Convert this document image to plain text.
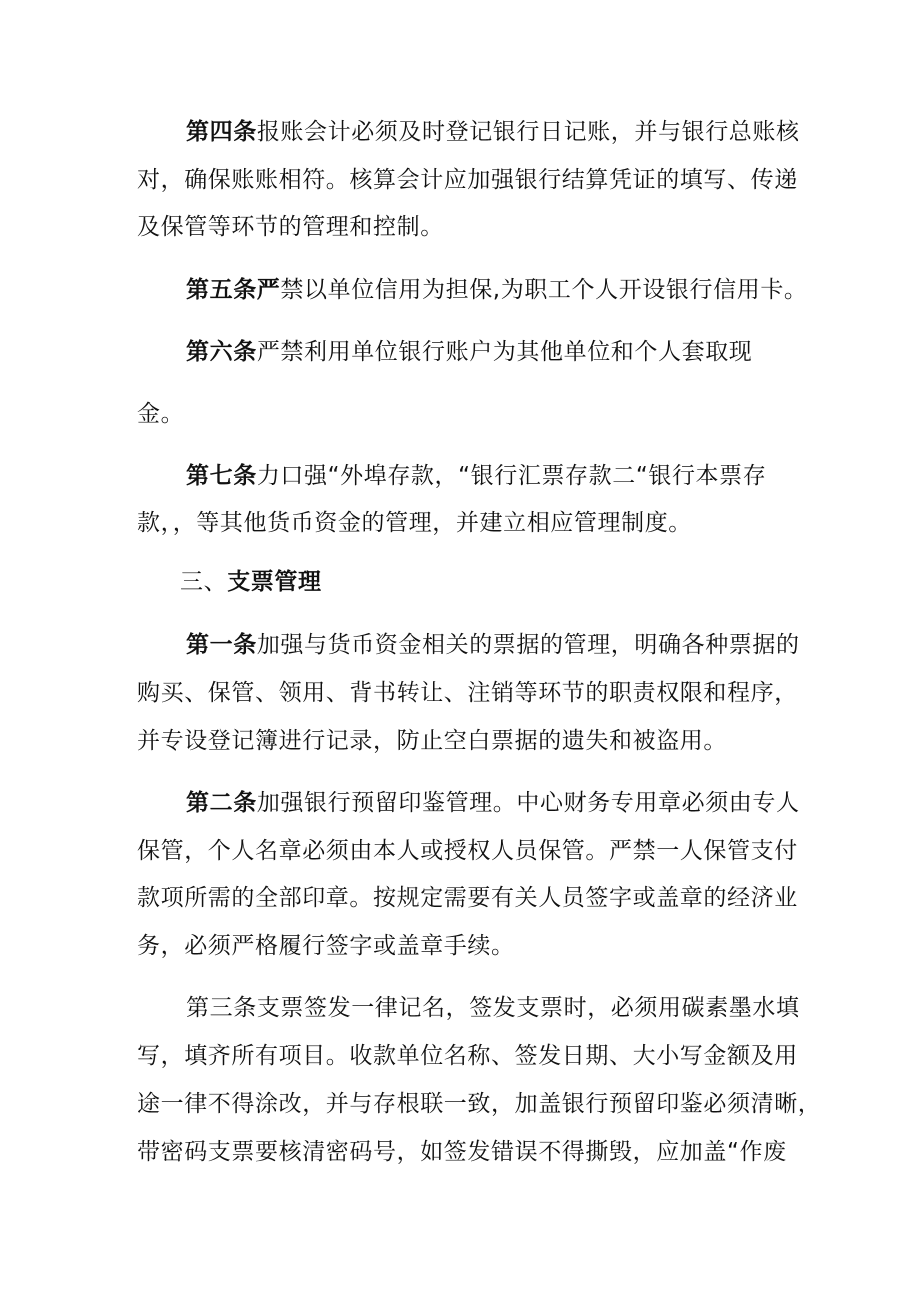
第四条报账会计必须及时登记银行日记账，并与银行总账核
对，确保账账相符。核算会计应加强银行结算凭证的填写、传递
及保管等环节的管理和控制。
第五条严禁以单位信用为担保,为职工个人开设银行信用卡。
第六条严禁利用单位银行账户为其他单位和个人套取现
金。
第七条力口强“外埠存款，“银行汇票存款二“银行本票存
款，，等其他货币资金的管理，并建立相应管理制度。
三、支票管理
第一条加强与货币资金相关的票据的管理，明确各种票据的
购买、保管、领用、背书转让、注销等环节的职责权限和程序，
并专设登记簿进行记录，防止空白票据的遗失和被盗用。
第二条加强银行预留印鉴管理。中心财务专用章必须由专人
保管，个人名章必须由本人或授权人员保管。严禁一人保管支付
款项所需的全部印章。按规定需要有关人员签字或盖章的经济业
务，必须严格履行签字或盖章手续。
第三条支票签发一律记名，签发支票时，必须用碳素墨水填
写，填齐所有项目。收款单位名称、签发日期、大小写金额及用
途一律不得涂改，并与存根联一致，加盖银行预留印鉴必须清晰，
带密码支票要核清密码号，如签发错误不得撕毁，应加盖“作废
